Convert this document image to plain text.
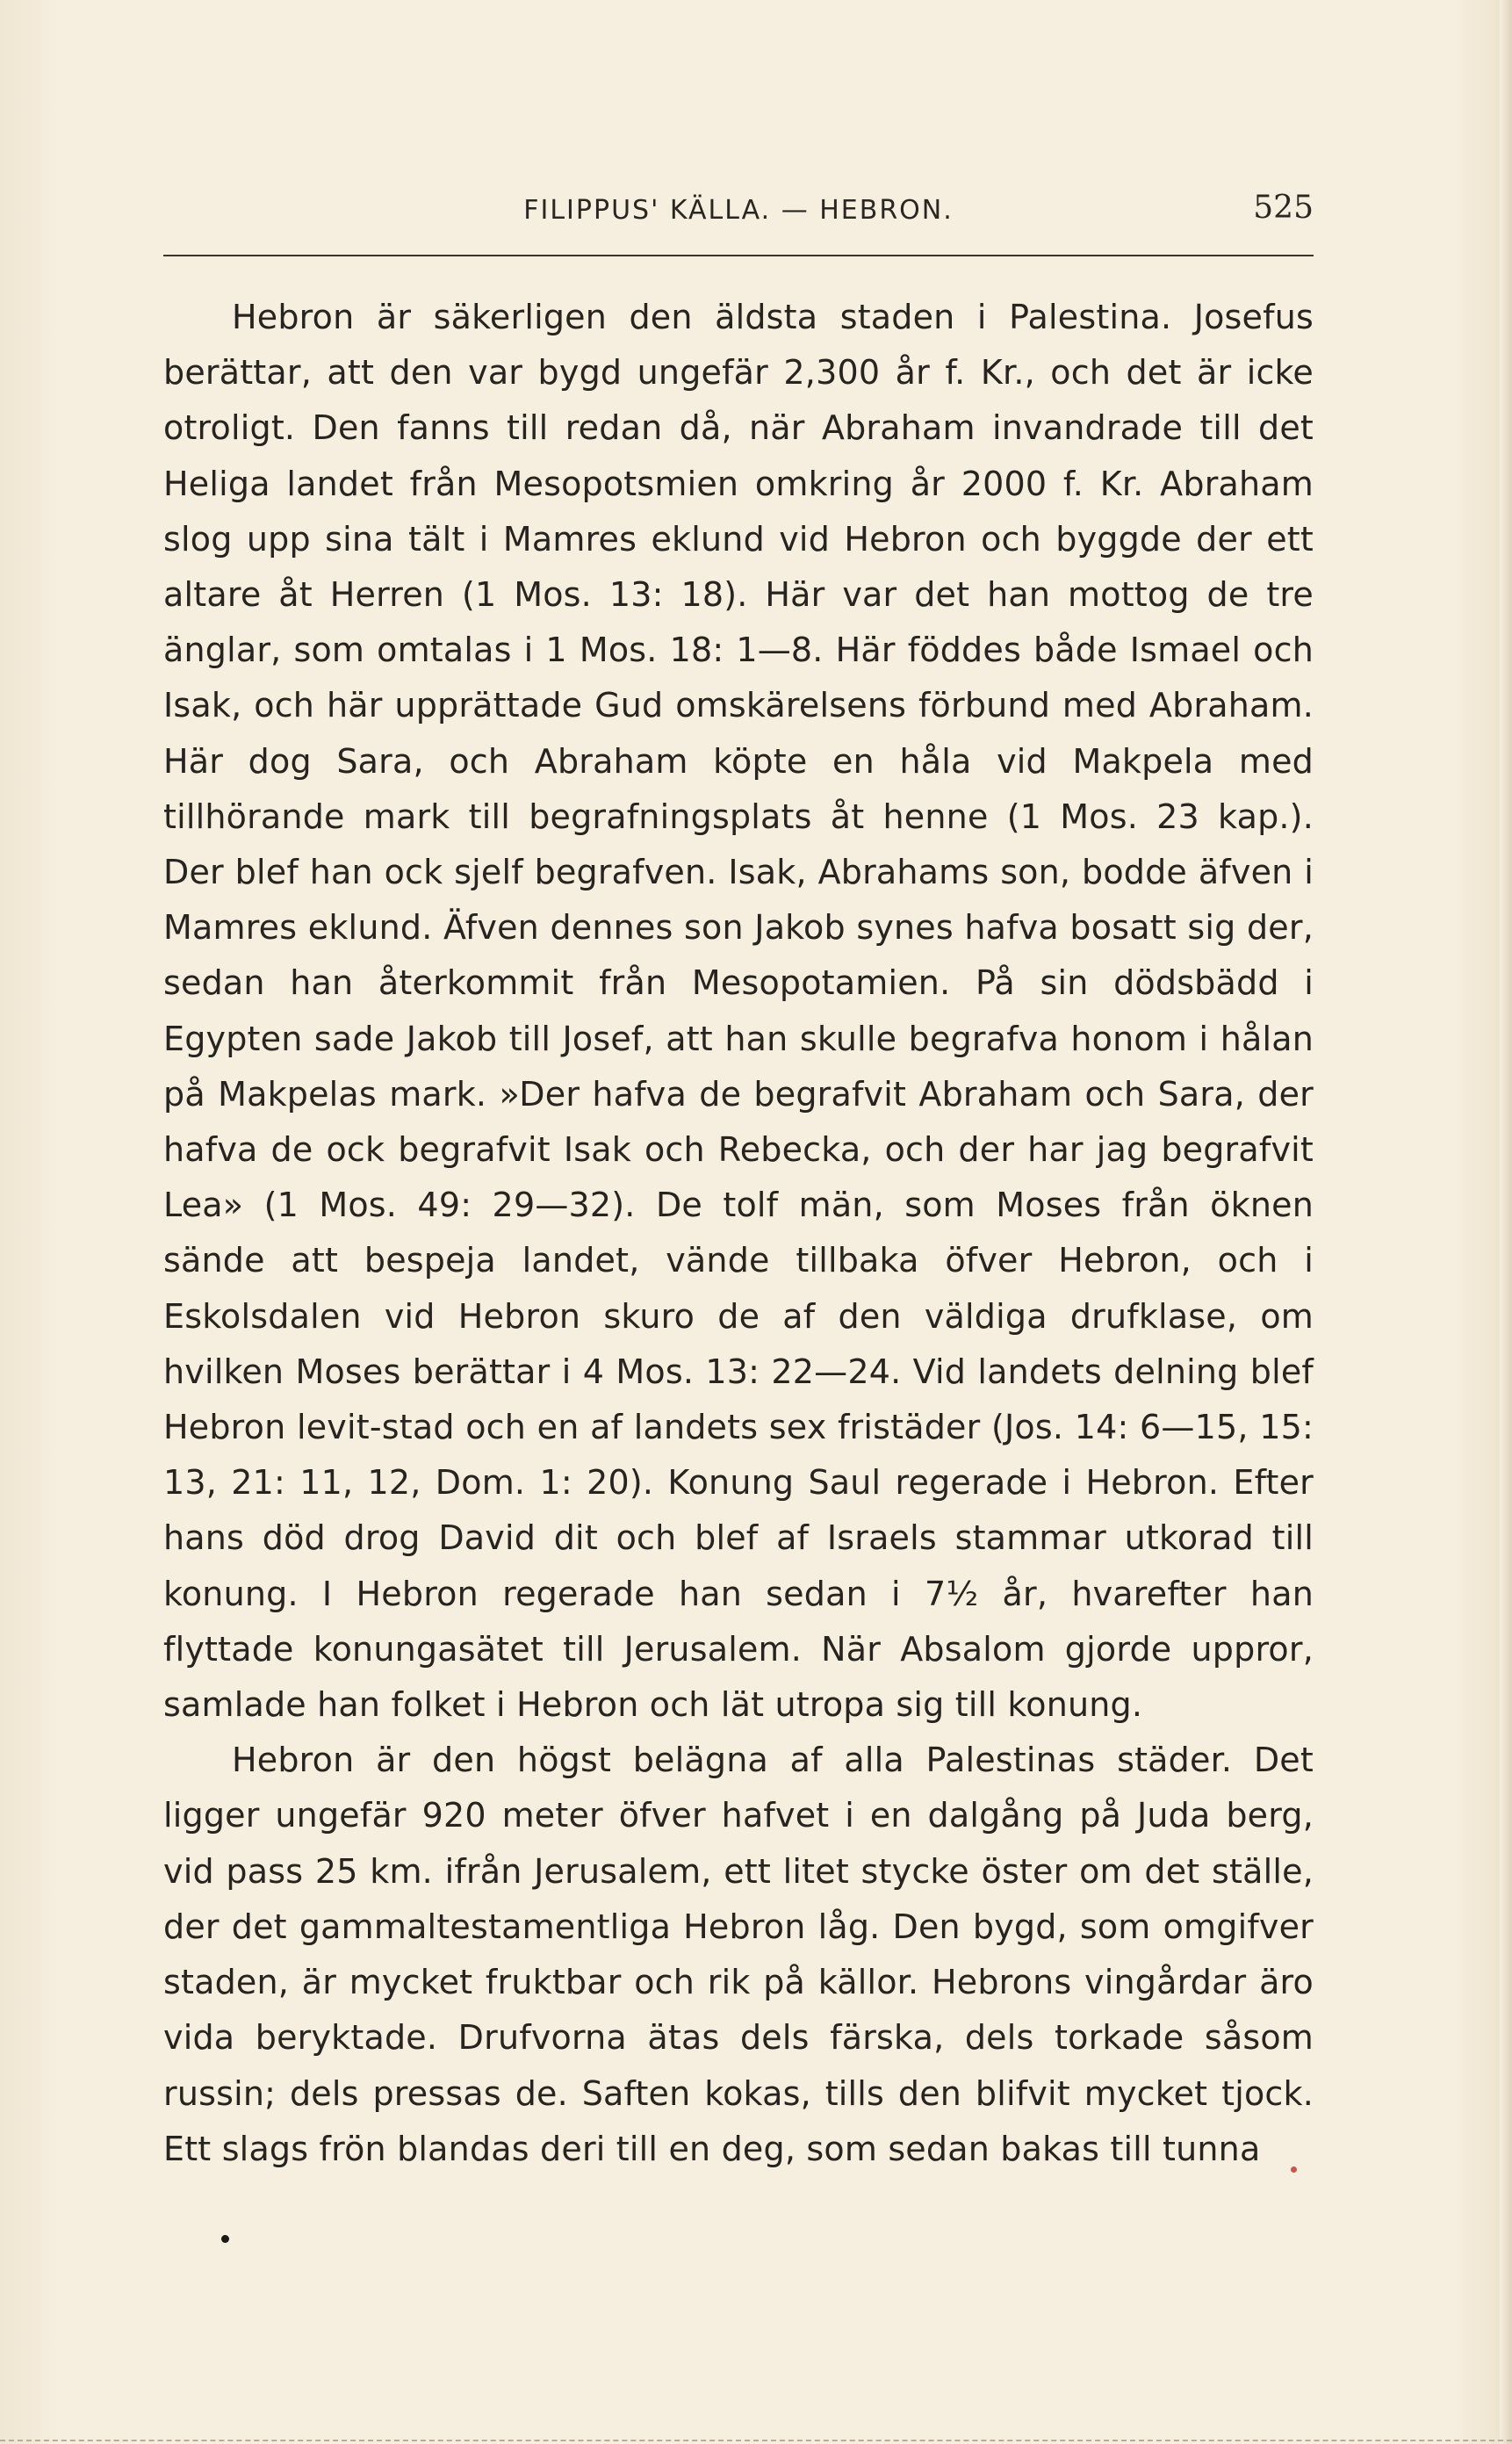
FILIPPUS' KÄLLA. — HEBRON.	525

Hebron är säkerligen den äldsta staden i Palestina. Josefus berättar, att den var bygd ungefär 2,300 år f. Kr., och det är icke otroligt. Den fanns till redan då, när Abraham invandrade till det Heliga landet från Mesopotsmien omkring år 2000 f. Kr. Abraham slog upp sina tält i Mamres eklund vid Hebron och byggde der ett altare åt Herren (1 Mos. 13: 18). Här var det han mottog de tre änglar, som omtalas i 1 Mos. 18: 1—8. Här föddes både Ismael och Isak, och här upprättade Gud omskärelsens förbund med Abraham. Här dog Sara, och Abraham köpte en håla vid Makpela med tillhörande mark till begrafningsplats åt henne (1 Mos. 23 kap.). Der blef han ock sjelf begrafven. Isak, Abrahams son, bodde äfven i Mamres eklund. Äfven dennes son Jakob synes hafva bosatt sig der, sedan han återkommit från Mesopotamien. På sin dödsbädd i Egypten sade Jakob till Josef, att han skulle begrafva honom i hålan på Makpelas mark. »Der hafva de begrafvit Abraham och Sara, der hafva de ock begrafvit Isak och Rebecka, och der har jag begrafvit Lea» (1 Mos. 49: 29—32). De tolf män, som Moses från öknen sände att bespeja landet, vände tillbaka öfver Hebron, och i Eskolsdalen vid Hebron skuro de af den väldiga drufklase, om hvilken Moses berättar i 4 Mos. 13: 22—24. Vid landets delning blef Hebron levit-stad och en af landets sex fristäder (Jos. 14: 6—15, 15: 13, 21: 11, 12, Dom. 1: 20). Konung Saul regerade i Hebron. Efter hans död drog David dit och blef af Israels stammar utkorad till konung. I Hebron regerade han sedan i 7½ år, hvarefter han flyttade konungasätet till Jerusalem. När Absalom gjorde uppror, samlade han folket i Hebron och lät utropa sig till konung.

Hebron är den högst belägna af alla Palestinas städer. Det ligger ungefär 920 meter öfver hafvet i en dalgång på Juda berg, vid pass 25 km. ifrån Jerusalem, ett litet stycke öster om det ställe, der det gammaltestamentliga Hebron låg. Den bygd, som omgifver staden, är mycket fruktbar och rik på källor. Hebrons vingårdar äro vida beryktade. Drufvorna ätas dels färska, dels torkade såsom russin; dels pressas de. Saften kokas, tills den blifvit mycket tjock. Ett slags frön blandas deri till en deg, som sedan bakas till tunna
